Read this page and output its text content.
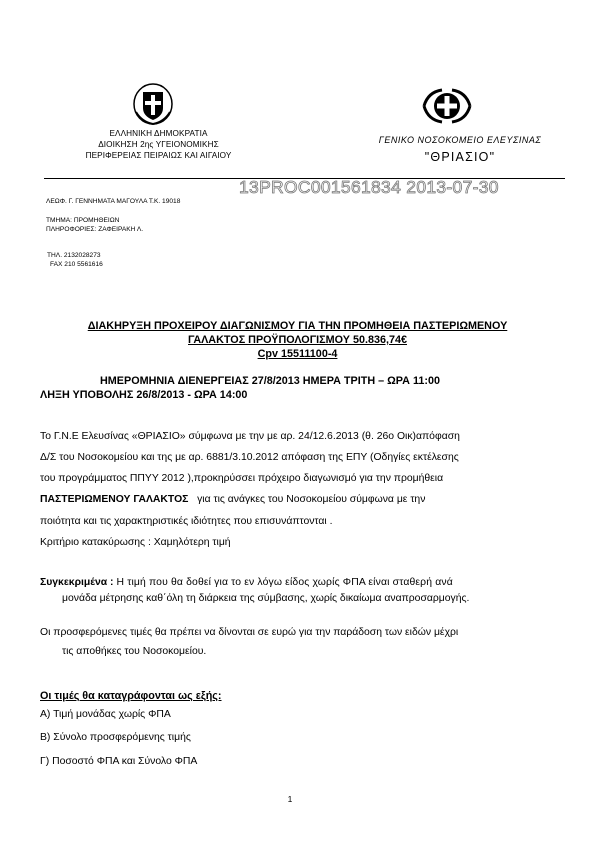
ΕΛΛΗΝΙΚΗ ΔΗΜΟΚΡΑΤΙΑ
ΔΙΟΙΚΗΣΗ 2ης ΥΓΕΙΟΝΟΜΙΚΗΣ
ΠΕΡΙΦΕΡΕΙΑΣ ΠΕΙΡΑΙΩΣ ΚΑΙ ΑΙΓΑΙΟΥ
ΓΕΝΙΚΟ ΝΟΣΟΚΟΜΕΙΟ ΕΛΕΥΣΙΝΑΣ
"ΘΡΙΑΣΙΟ"
13PROC001561834 2013-07-30
ΛΕΩΦ. Γ. ΓΕΝΝΗΜΑΤΑ ΜΑΓΟΥΛΑ Τ.Κ. 19018
ΤΜΗΜΑ: ΠΡΟΜΗΘΕΙΩΝ
ΠΛΗΡΟΦΟΡΙΕΣ: ΖΑΦΕΙΡΑΚΗ Λ.
ΤΗΛ. 2132028273
FAX 210 5561616
ΔΙΑΚΗΡΥΞΗ ΠΡΟΧΕΙΡΟΥ ΔΙΑΓΩΝΙΣΜΟΥ ΓΙΑ ΤΗΝ ΠΡΟΜΗΘΕΙΑ ΠΑΣΤΕΡΙΩΜΕΝΟΥ
ΓΑΛΑΚΤΟΣ ΠΡΟΫΠΟΛΟΓΙΣΜΟΥ 50.836,74€
Cpv 15511100-4
ΗΜΕΡΟΜΗΝΙΑ ΔΙΕΝΕΡΓΕΙΑΣ 27/8/2013 ΗΜΕΡΑ ΤΡΙΤΗ – ΩΡΑ 11:00
ΛΗΞΗ ΥΠΟΒΟΛΗΣ 26/8/2013 - ΩΡΑ 14:00
Το Γ.Ν.Ε Ελευσίνας «ΘΡΙΑΣΙΟ» σύμφωνα με την με αρ. 24/12.6.2013 (θ. 26ο Οικ)απόφαση
Δ/Σ του Νοσοκομείου και της με αρ. 6881/3.10.2012 απόφαση της ΕΠΥ (Οδηγίες εκτέλεσης
του προγράμματος ΠΠΥΥ 2012 ),προκηρύσσει πρόχειρο διαγωνισμό για την προμήθεια
ΠΑΣΤΕΡΙΩΜΕΝΟΥ ΓΑΛΑΚΤΟΣ   για τις ανάγκες του Νοσοκομείου σύμφωνα με την
ποιότητα και τις χαρακτηριστικές ιδιότητες που επισυνάπτονται .
Κριτήριο κατακύρωσης : Χαμηλότερη τιμή
Συγκεκριμένα : Η τιμή που θα δοθεί για το εν λόγω είδος χωρίς ΦΠΑ είναι σταθερή ανά
μονάδα μέτρησης καθ΄όλη τη διάρκεια της σύμβασης, χωρίς δικαίωμα αναπροσαρμογής.
Οι προσφερόμενες τιμές θα πρέπει να δίνονται σε ευρώ για την παράδοση των ειδών μέχρι
τις αποθήκες του Νοσοκομείου.
Οι τιμές θα καταγράφονται ως εξής:
Α) Τιμή μονάδας χωρίς ΦΠΑ
Β) Σύνολο προσφερόμενης τιμής
Γ) Ποσοστό ΦΠΑ και Σύνολο ΦΠΑ
1
